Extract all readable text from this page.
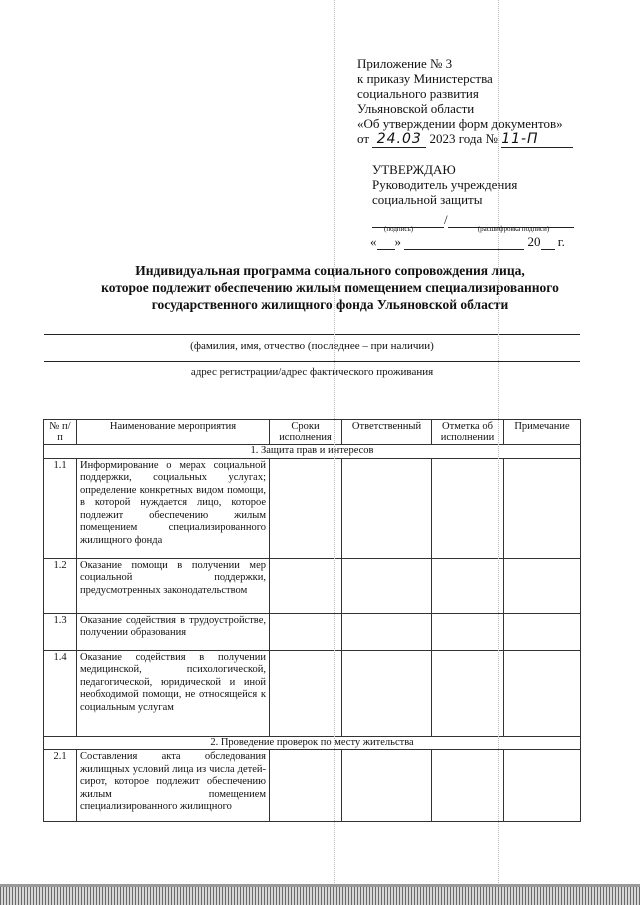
Приложение № 3
к приказу Министерства
социального развития
Ульяновской области
«Об утверждении форм документов»
от 24.03 2023 года № 11-П
УТВЕРЖДАЮ
Руководитель учреждения
социальной защиты
/
(подпись)	(расшифровка подписи)
« »	20 г.
Индивидуальная программа социального сопровождения лица,
которое подлежит обеспечению жилым помещением специализированного
государственного жилищного фонда Ульяновской области
(фамилия, имя, отчество (последнее – при наличии)
адрес регистрации/адрес фактического проживания
№ п/п	Наименование мероприятия	Сроки исполнения	Ответственный	Отметка об исполнении	Примечание
1. Защита прав и интересов					
1.1	Информирование о мерах социальной поддержки, социальных услугах; определение конкретных видом помощи, в которой нуждается лицо, которое подлежит обеспечению жилым помещением специализированного жилищного фонда				
1.2	Оказание помощи в получении мер социальной поддержки, предусмотренных законодательством				
1.3	Оказание содействия в трудоустройстве, получении образования				
1.4	Оказание содействия в получении медицинской, психологической, педагогической, юридической и иной необходимой помощи, не относящейся к социальным услугам				
2. Проведение проверок по месту жительства					
2.1	Составления акта обследования жилищных условий лица из числа детей-сирот, которое подлежит обеспечению жилым помещением специализированного жилищного				
